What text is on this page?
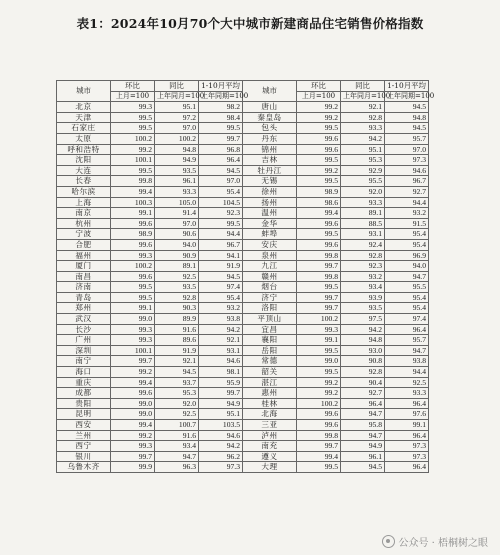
表1：2024年10月70个大中城市新建商品住宅销售价格指数
城市	环比	同比	1-10月平均	城市	环比	同比	1-10月平均
	上月=100	上年同月=100	上年同期=100		上月=100	上年同月=100	上年同期=100
北京	99.3	95.1	98.2	唐山	99.2	92.1	94.5
天津	99.5	97.2	98.4	秦皇岛	99.2	92.8	94.8
石家庄	99.5	97.0	99.5	包头	99.5	93.3	94.5
太原	100.2	100.2	99.7	丹东	99.6	94.2	95.7
呼和浩特	99.2	94.8	96.8	锦州	99.6	95.1	97.0
沈阳	100.1	94.9	96.4	吉林	99.5	95.3	97.3
大连	99.5	93.5	94.5	牡丹江	99.2	92.9	94.6
长春	99.8	96.1	97.0	无锡	99.5	95.5	96.7
哈尔滨	99.4	93.3	95.4	徐州	98.9	92.0	92.7
上海	100.3	105.0	104.5	扬州	98.6	93.3	94.4
南京	99.1	91.4	92.3	温州	99.4	89.1	93.2
杭州	99.6	97.0	99.5	金华	99.6	88.5	91.5
宁波	98.9	90.6	94.4	蚌埠	99.5	93.1	95.4
合肥	99.6	94.0	96.7	安庆	99.6	92.4	95.4
福州	99.3	90.9	94.1	泉州	99.8	92.8	96.9
厦门	100.2	89.1	91.9	九江	99.7	92.3	94.0
南昌	99.6	92.5	94.5	赣州	99.8	93.2	94.7
济南	99.5	93.5	97.4	烟台	99.5	93.4	95.5
青岛	99.5	92.8	95.4	济宁	99.7	93.9	95.4
郑州	99.1	90.3	93.2	洛阳	99.7	93.5	95.4
武汉	99.0	89.9	93.8	平顶山	100.2	97.5	97.4
长沙	99.3	91.6	94.2	宜昌	99.3	94.2	96.4
广州	99.3	89.6	92.1	襄阳	99.1	94.8	95.7
深圳	100.1	91.9	93.1	岳阳	99.5	93.0	94.7
南宁	99.7	92.1	94.6	常德	99.0	90.8	93.8
海口	99.2	94.5	98.1	韶关	99.5	92.8	94.4
重庆	99.4	93.7	95.9	湛江	99.2	90.4	92.5
成都	99.6	95.3	99.7	惠州	99.2	92.7	93.3
贵阳	99.0	92.0	94.9	桂林	100.2	96.4	96.4
昆明	99.0	92.5	95.1	北海	99.6	94.7	97.6
西安	99.4	100.7	103.5	三亚	99.6	95.8	99.1
兰州	99.2	91.6	94.6	泸州	99.8	94.7	96.4
西宁	99.3	93.4	94.2	南充	99.7	94.9	97.3
银川	99.7	94.7	96.2	遵义	99.4	96.1	97.3
乌鲁木齐	99.9	96.3	97.3	大理	99.5	94.5	96.4
公众号 · 梧桐树之眼
